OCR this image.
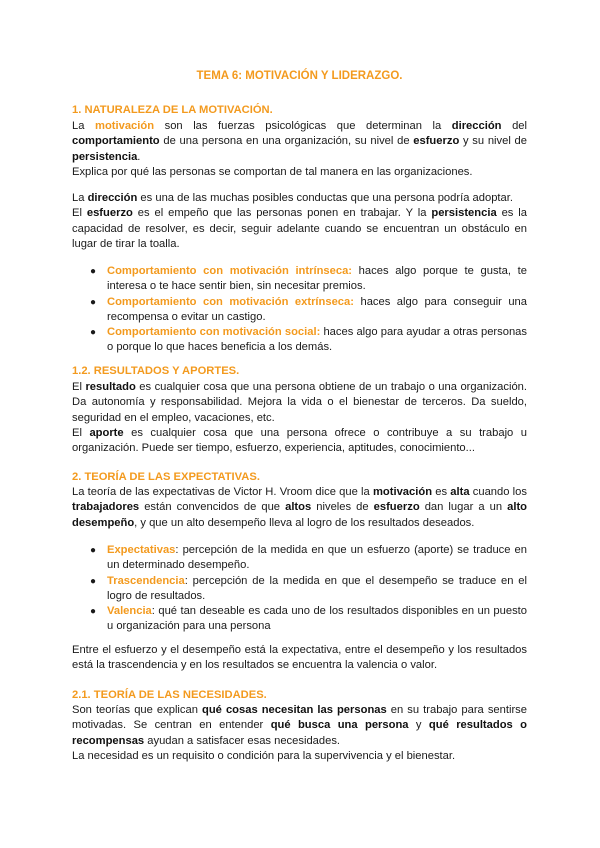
TEMA 6: MOTIVACIÓN Y LIDERAZGO.
1. NATURALEZA DE LA MOTIVACIÓN.

La motivación son las fuerzas psicológicas que determinan la dirección del comportamiento de una persona en una organización, su nivel de esfuerzo y su nivel de persistencia.

Explica por qué las personas se comportan de tal manera en las organizaciones.

La dirección es una de las muchas posibles conductas que una persona podría adoptar.

El esfuerzo es el empeño que las personas ponen en trabajar. Y la persistencia es la capacidad de resolver, es decir, seguir adelante cuando se encuentran un obstáculo en lugar de tirar la toalla.

● Comportamiento con motivación intrínseca: haces algo porque te gusta, te interesa o te hace sentir bien, sin necesitar premios.
● Comportamiento con motivación extrínseca: haces algo para conseguir una recompensa o evitar un castigo.
● Comportamiento con motivación social: haces algo para ayudar a otras personas o porque lo que haces beneficia a los demás.
1.2. RESULTADOS Y APORTES.

El resultado es cualquier cosa que una persona obtiene de un trabajo o una organización. Da autonomía y responsabilidad. Mejora la vida o el bienestar de terceros. Da sueldo, seguridad en el empleo, vacaciones, etc.

El aporte es cualquier cosa que una persona ofrece o contribuye a su trabajo u organización. Puede ser tiempo, esfuerzo, experiencia, aptitudes, conocimiento...

2. TEORÍA DE LAS EXPECTATIVAS.

La teoría de las expectativas de Victor H. Vroom dice que la motivación es alta cuando los trabajadores están convencidos de que altos niveles de esfuerzo dan lugar a un alto desempeño, y que un alto desempeño lleva al logro de los resultados deseados.

● Expectativas: percepción de la medida en que un esfuerzo (aporte) se traduce en un determinado desempeño.
● Trascendencia: percepción de la medida en que el desempeño se traduce en el logro de resultados.
● Valencia: qué tan deseable es cada uno de los resultados disponibles en un puesto u organización para una persona

Entre el esfuerzo y el desempeño está la expectativa, entre el desempeño y los resultados está la trascendencia y en los resultados se encuentra la valencia o valor.

2.1. TEORÍA DE LAS NECESIDADES.

Son teorías que explican qué cosas necesitan las personas en su trabajo para sentirse motivadas. Se centran en entender qué busca una persona y qué resultados o recompensas ayudan a satisfacer esas necesidades.

La necesidad es un requisito o condición para la supervivencia y el bienestar.
